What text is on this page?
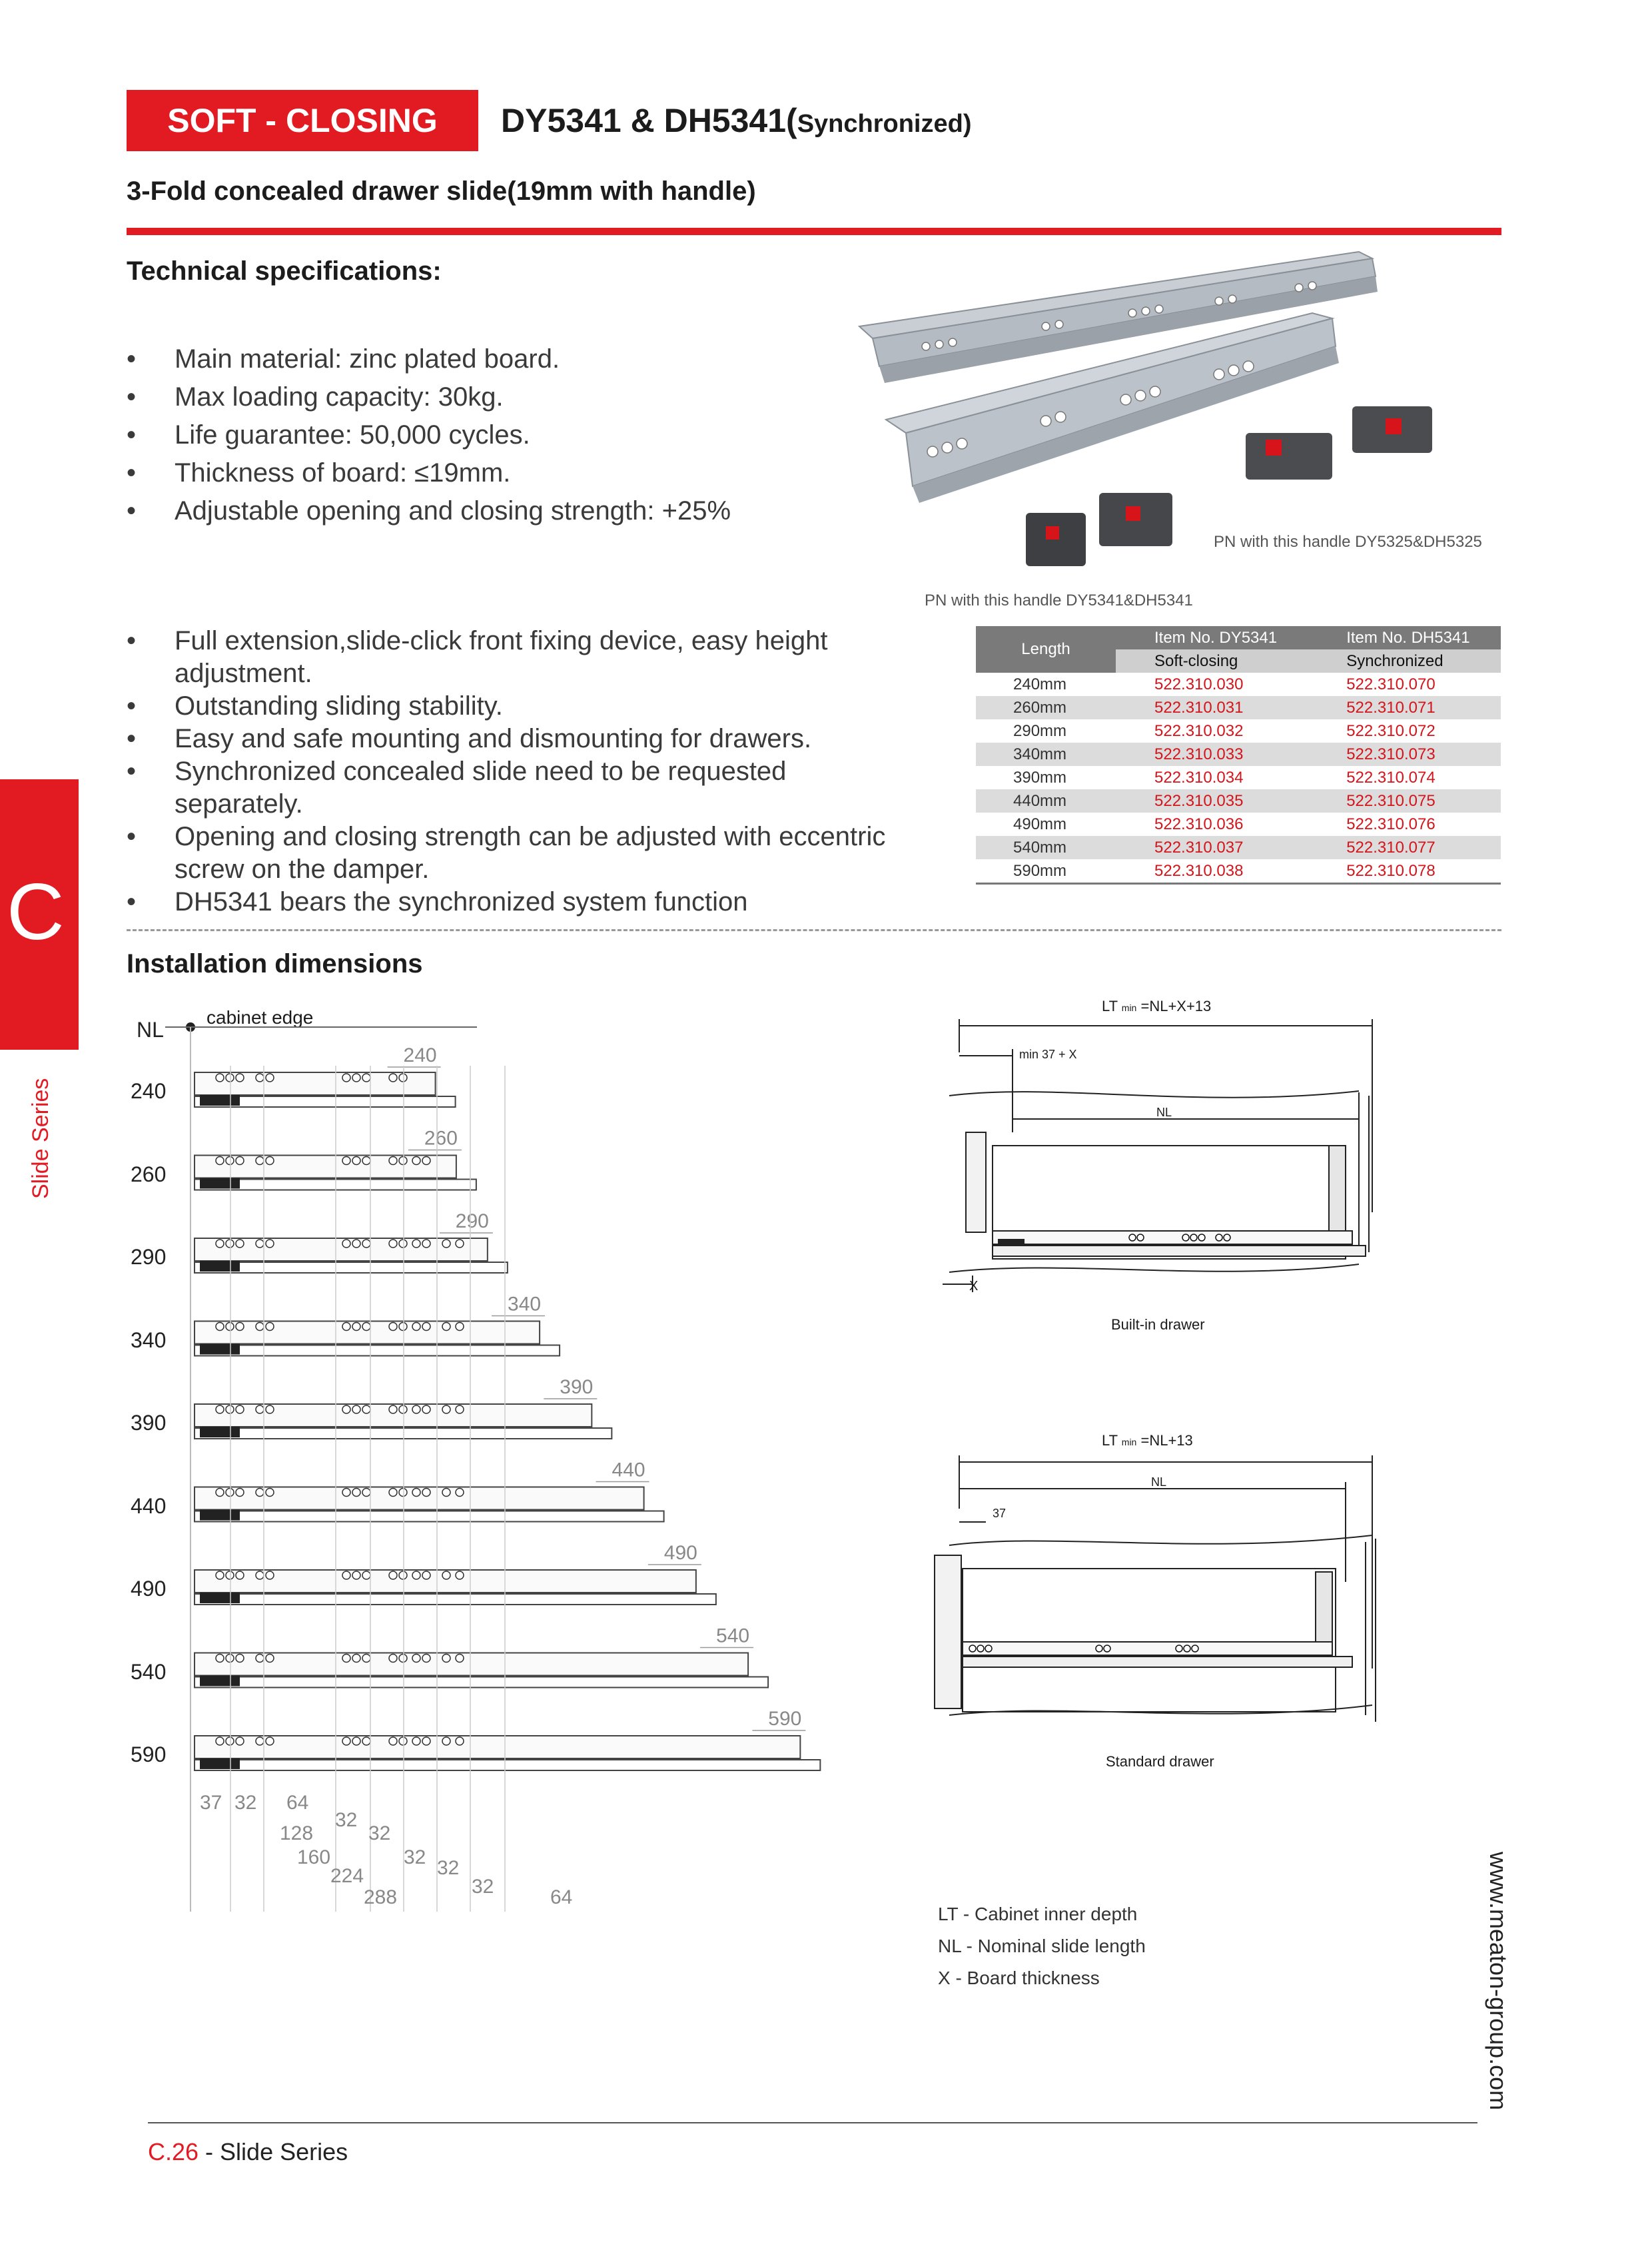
SOFT - CLOSING	DY5341 & DH5341(Synchronized)
3-Fold concealed drawer slide(19mm with handle)
Technical specifications:
• Main material: zinc plated board.
• Max loading capacity: 30kg.
• Life guarantee: 50,000 cycles.
• Thickness of board: ≤19mm.
• Adjustable opening and closing strength: +25%
• Full extension,slide-click front fixing device, easy height adjustment.
• Outstanding sliding stability.
• Easy and safe mounting and dismounting for drawers.
• Synchronized concealed slide need to be requested separately.
• Opening and closing strength can be adjusted with eccentric screw on the damper.
• DH5341 bears the synchronized system function
PN with this handle DY5325&DH5325
PN with this handle DY5341&DH5341
Length	Item No. DY5341	Item No. DH5341
	Soft-closing	Synchronized
240mm	522.310.030	522.310.070
260mm	522.310.031	522.310.071
290mm	522.310.032	522.310.072
340mm	522.310.033	522.310.073
390mm	522.310.034	522.310.074
440mm	522.310.035	522.310.075
490mm	522.310.036	522.310.076
540mm	522.310.037	522.310.077
590mm	522.310.038	522.310.078
C
Slide Series
Installation dimensions
NL
cabinet edge
240
260
290
340
390
440
490
540
590
240
260
290
340
390
440
490
540
590
37 32 64
128
32
32
160	32
224	32
288	32	64
LT min =NL+X+13
min 37 + X
NL
X
Built-in drawer
LT min =NL+13
NL
37
Standard drawer
LT - Cabinet inner depth
NL - Nominal slide length
X - Board thickness	www.meaton-group.com
C.26 - Slide Series
